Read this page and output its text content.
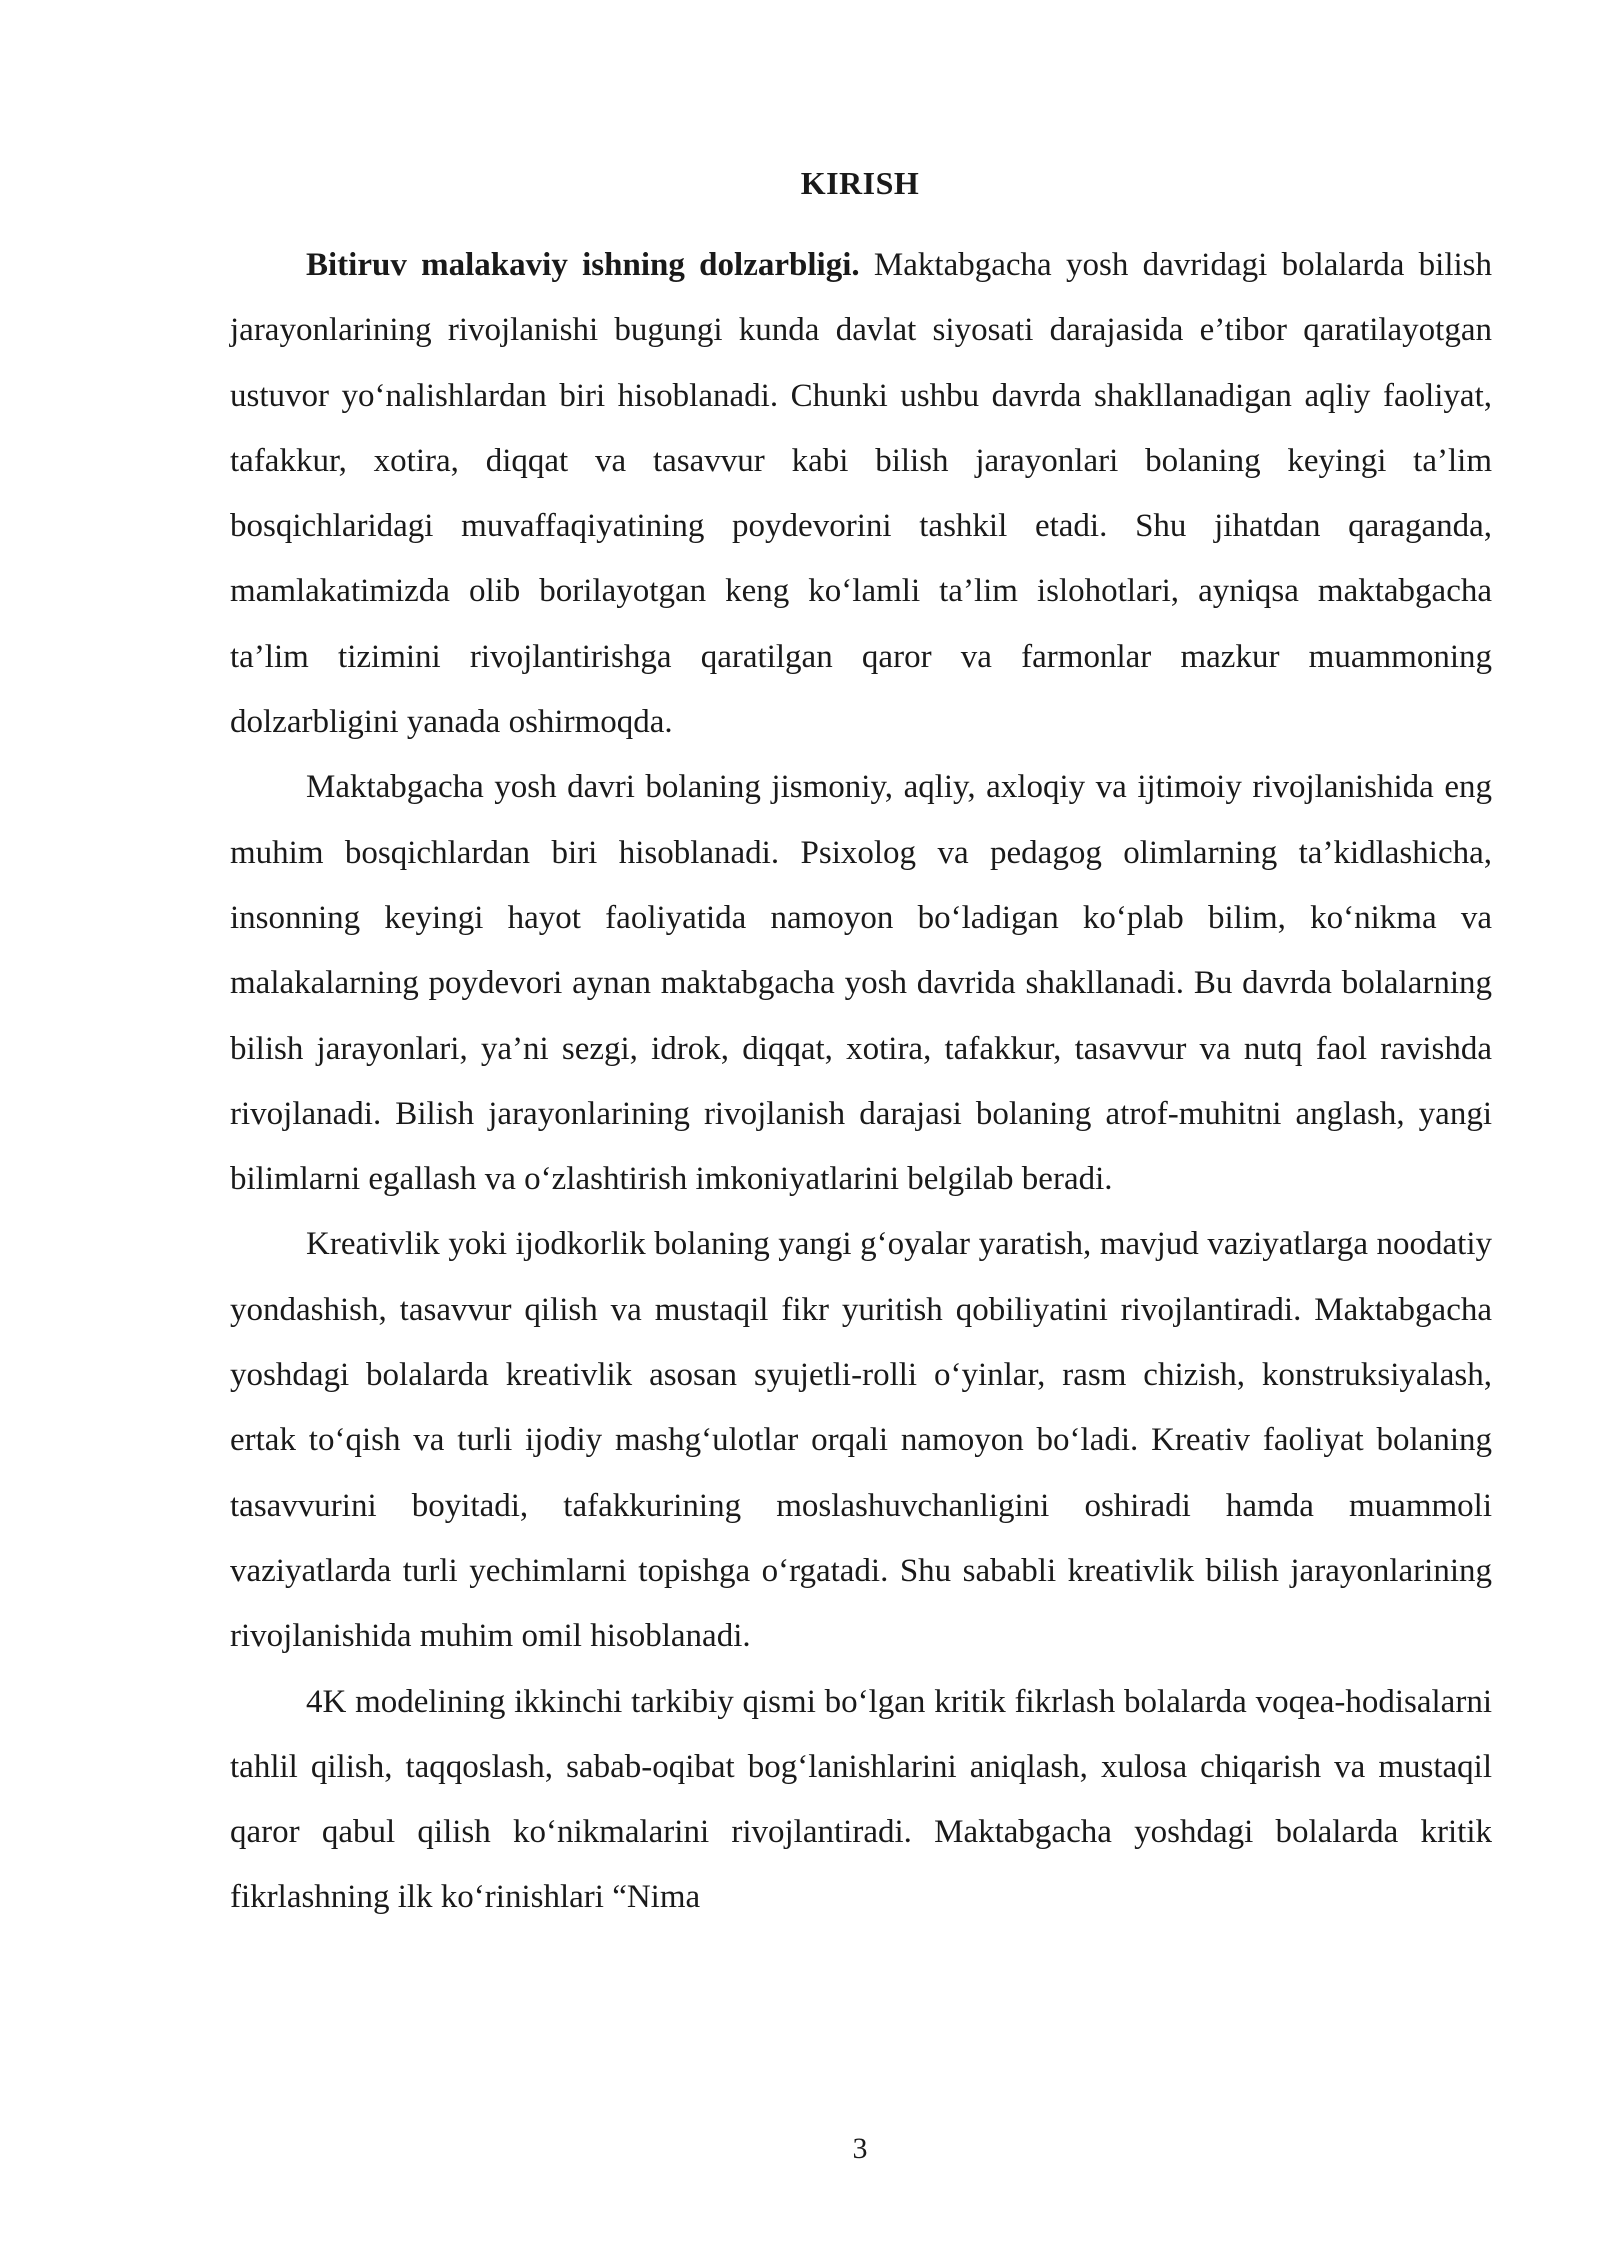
KIRISH

Bitiruv malakaviy ishning dolzarbligi. Maktabgacha yosh davridagi bolalarda bilish jarayonlarining rivojlanishi bugungi kunda davlat siyosati darajasida e’tibor qaratilayotgan ustuvor yo‘nalishlardan biri hisoblanadi. Chunki ushbu davrda shakllanadigan aqliy faoliyat, tafakkur, xotira, diqqat va tasavvur kabi bilish jarayonlari bolaning keyingi ta’lim bosqichlaridagi muvaffaqiyatining poydevorini tashkil etadi. Shu jihatdan qaraganda, mamlakatimizda olib borilayotgan keng ko‘lamli ta’lim islohotlari, ayniqsa maktabgacha ta’lim tizimini rivojlantirishga qaratilgan qaror va farmonlar mazkur muammoning dolzarbligini yanada oshirmoqda.

Maktabgacha yosh davri bolaning jismoniy, aqliy, axloqiy va ijtimoiy rivojlanishida eng muhim bosqichlardan biri hisoblanadi. Psixolog va pedagog olimlarning ta’kidlashicha, insonning keyingi hayot faoliyatida namoyon bo‘ladigan ko‘plab bilim, ko‘nikma va malakalarning poydevori aynan maktabgacha yosh davrida shakllanadi. Bu davrda bolalarning bilish jarayonlari, ya’ni sezgi, idrok, diqqat, xotira, tafakkur, tasavvur va nutq faol ravishda rivojlanadi. Bilish jarayonlarining rivojlanish darajasi bolaning atrof-muhitni anglash, yangi bilimlarni egallash va o‘zlashtirish imkoniyatlarini belgilab beradi.

Kreativlik yoki ijodkorlik bolaning yangi g‘oyalar yaratish, mavjud vaziyatlarga noodatiy yondashish, tasavvur qilish va mustaqil fikr yuritish qobiliyatini rivojlantiradi. Maktabgacha yoshdagi bolalarda kreativlik asosan syujetli-rolli o‘yinlar, rasm chizish, konstruksiyalash, ertak to‘qish va turli ijodiy mashg‘ulotlar orqali namoyon bo‘ladi. Kreativ faoliyat bolaning tasavvurini boyitadi, tafakkurining moslashuvchanligini oshiradi hamda muammoli vaziyatlarda turli yechimlarni topishga o‘rgatadi. Shu sababli kreativlik bilish jarayonlarining rivojlanishida muhim omil hisoblanadi.

4K modelining ikkinchi tarkibiy qismi bo‘lgan kritik fikrlash bolalarda voqea-hodisalarni tahlil qilish, taqqoslash, sabab-oqibat bog‘lanishlarini aniqlash, xulosa chiqarish va mustaqil qaror qabul qilish ko‘nikmalarini rivojlantiradi. Maktabgacha yoshdagi bolalarda kritik fikrlashning ilk ko‘rinishlari “Nima

3
